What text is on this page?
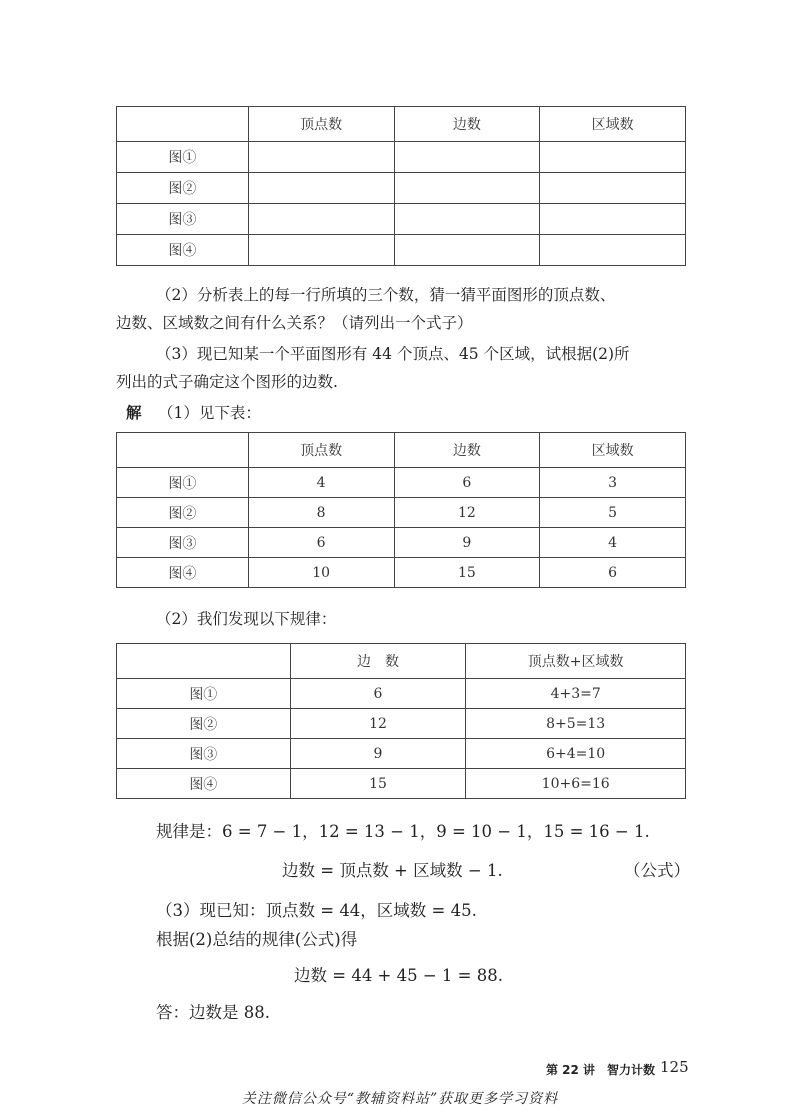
	顶点数	边数	区域数
图①			
图②			
图③			
图④			
（2）分析表上的每一行所填的三个数，猜一猜平面图形的顶点数、
边数、区域数之间有什么关系？（请列出一个式子）
（3）现已知某一个平面图形有 44 个顶点、45 个区域，试根据(2)所
列出的式子确定这个图形的边数.
解 （1）见下表：
	顶点数	边数	区域数
图①	4	6	3
图②	8	12	5
图③	6	9	4
图④	10	15	6
（2）我们发现以下规律：
	边　数	顶点数+区域数
图①	6	4+3=7
图②	12	8+5=13
图③	9	6+4=10
图④	15	10+6=16
规律是：6 = 7 − 1，12 = 13 − 1，9 = 10 − 1，15 = 16 − 1.
边数 = 顶点数 + 区域数 − 1.	（公式）
（3）现已知：顶点数 = 44，区域数 = 45.
根据(2)总结的规律(公式)得
边数 = 44 + 45 − 1 = 88.
答：边数是 88.
第 22 讲　智力计数 125
关注微信公众号“教辅资料站”获取更多学习资料
